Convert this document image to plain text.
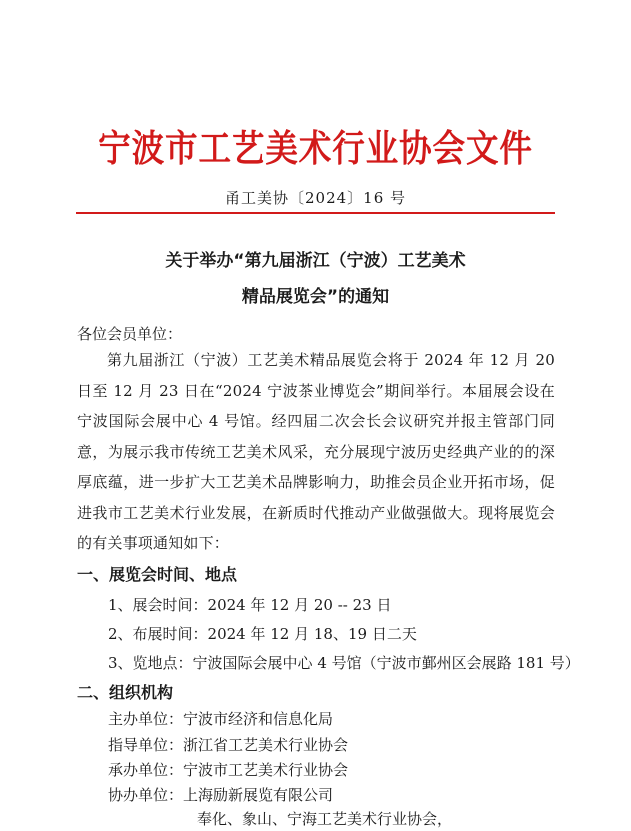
宁波市工艺美术行业协会文件
甬工美协〔2024〕16 号
关于举办“第九届浙江（宁波）工艺美术
精品展览会”的通知
各位会员单位：
第九届浙江（宁波）工艺美术精品展览会将于 2024 年 12 月 20 日至 12 月 23 日在“2024 宁波茶业博览会”期间举行。本届展会设在宁波国际会展中心 4 号馆。经四届二次会长会议研究并报主管部门同意，为展示我市传统工艺美术风采，充分展现宁波历史经典产业的的深厚底蕴，进一步扩大工艺美术品牌影响力，助推会员企业开拓市场，促进我市工艺美术行业发展，在新质时代推动产业做强做大。现将展览会的有关事项通知如下：
一、展览会时间、地点
1、展会时间：2024 年 12 月 20 -- 23 日
2、布展时间：2024 年 12 月 18、19 日二天
3、览地点：宁波国际会展中心 4 号馆（宁波市鄞州区会展路 181 号）
二、组织机构
主办单位：宁波市经济和信息化局
指导单位：浙江省工艺美术行业协会
承办单位：宁波市工艺美术行业协会
协办单位：上海励新展览有限公司
奉化、象山、宁海工艺美术行业协会，
